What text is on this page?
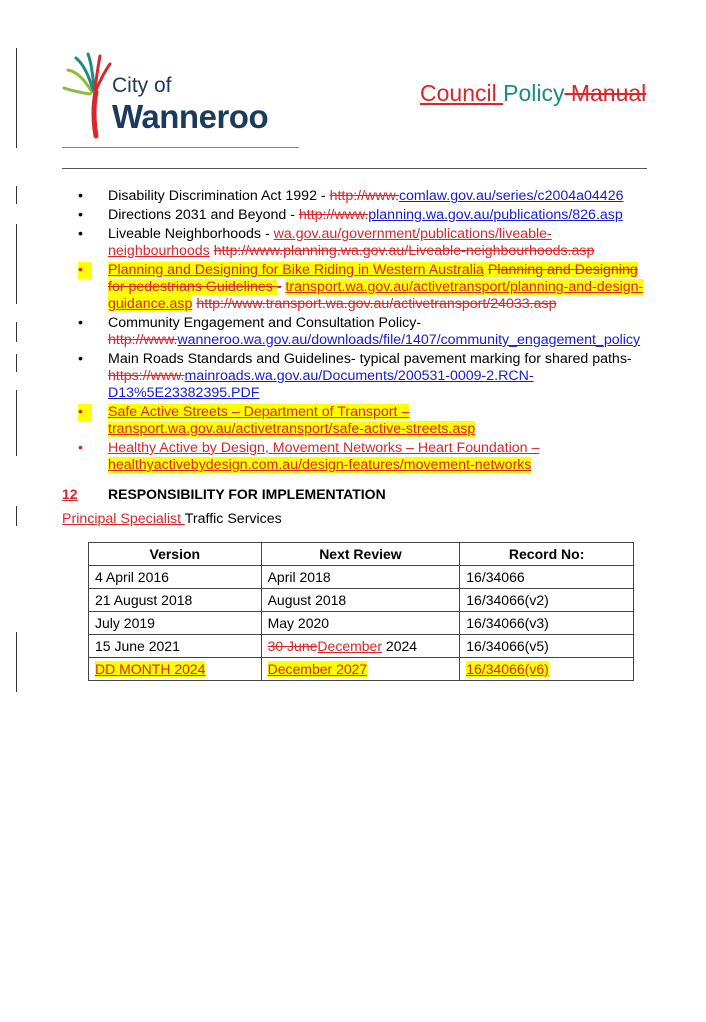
City of
Wanneroo
Council Policy Manual
•	Disability Discrimination Act 1992 - http://www.comlaw.gov.au/series/c2004a04426
•	Directions 2031 and Beyond - http://www.planning.wa.gov.au/publications/826.asp
•	Liveable Neighborhoods - wa.gov.au/government/publications/liveable-neighbourhoods http://www.planning.wa.gov.au/Liveable-neighbourhoods.asp
•	Planning and Designing for Bike Riding in Western Australia Planning and Designing for pedestrians Guidelines - transport.wa.gov.au/activetransport/planning-and-design-guidance.asp http://www.transport.wa.gov.au/activetransport/24033.asp
•	Community Engagement and Consultation Policy-http://www.wanneroo.wa.gov.au/downloads/file/1407/community_engagement_policy
•	Main Roads Standards and Guidelines- typical pavement marking for shared paths-https://www.mainroads.wa.gov.au/Documents/200531-0009-2.RCN-D13%5E23382395.PDF
•	Safe Active Streets – Department of Transport – transport.wa.gov.au/activetransport/safe-active-streets.asp
•	Healthy Active by Design, Movement Networks – Heart Foundation – healthyactivebydesign.com.au/design-features/movement-networks
12 RESPONSIBILITY FOR IMPLEMENTATION
Principal Specialist Traffic Services
Version	Next Review	Record No:
4 April 2016	April 2018	16/34066
21 August 2018	August 2018	16/34066(v2)
July 2019	May 2020	16/34066(v3)
15 June 2021	30 JuneDecember 2024	16/34066(v5)
DD MONTH 2024	December 2027	16/34066(v6)
